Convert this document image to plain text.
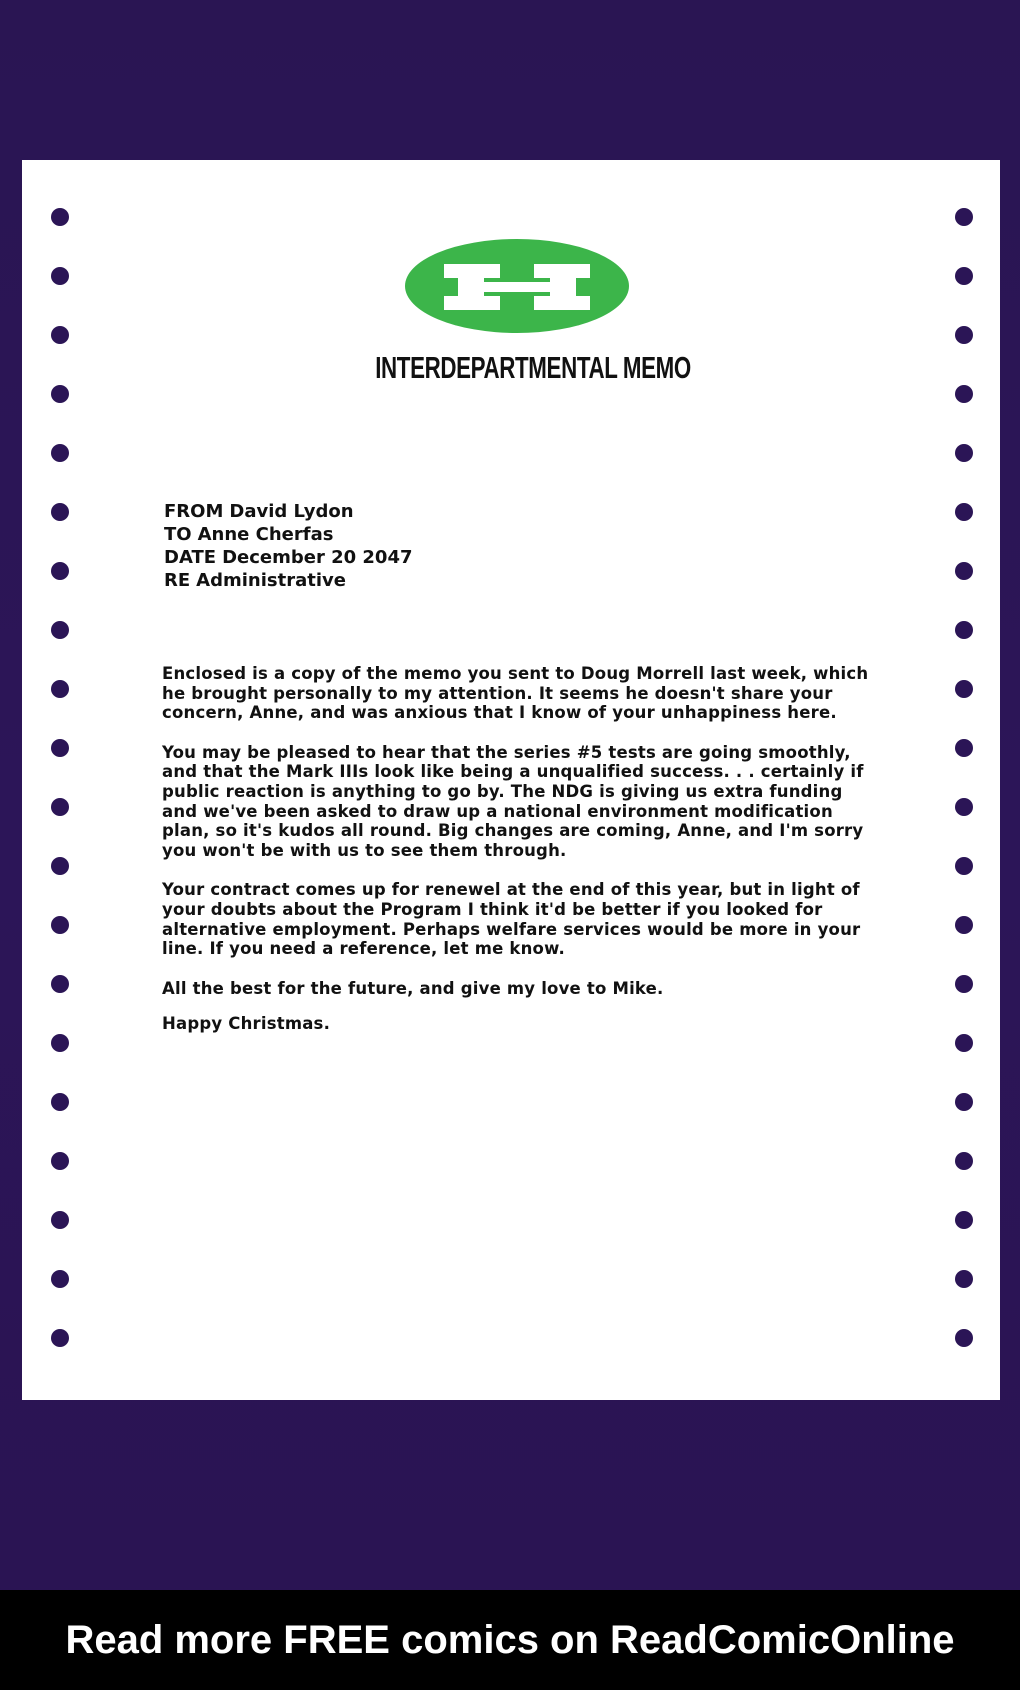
INTERDEPARTMENTAL MEMO
FROM David Lydon
TO Anne Cherfas
DATE December 20 2047
RE Administrative

Enclosed is a copy of the memo you sent to Doug Morrell last week, which he brought personally to my attention. It seems he doesn't share your concern, Anne, and was anxious that I know of your unhappiness here.

You may be pleased to hear that the series #5 tests are going smoothly, and that the Mark IIIs look like being a unqualified success. . . certainly if public reaction is anything to go by. The NDG is giving us extra funding and we've been asked to draw up a national environment modification plan, so it's kudos all round. Big changes are coming, Anne, and I'm sorry you won't be with us to see them through.

Your contract comes up for renewel at the end of this year, but in light of your doubts about the Program I think it'd be better if you looked for alternative employment. Perhaps welfare services would be more in your line. If you need a reference, let me know.

All the best for the future, and give my love to Mike.

Happy Christmas.

Read more FREE comics on ReadComicOnline
